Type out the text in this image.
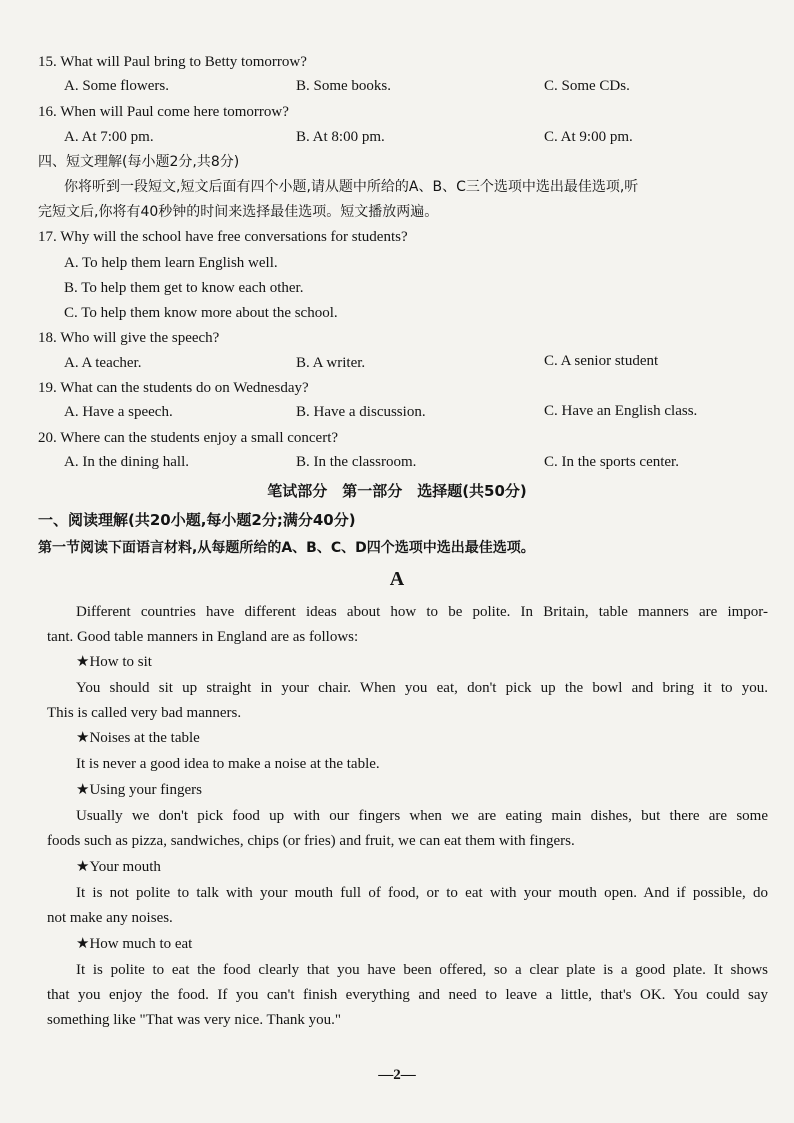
15. What will Paul bring to Betty tomorrow?
A. Some flowers.	B. Some books.	C. Some CDs.
16. When will Paul come here tomorrow?
A. At 7:00 pm.	B. At 8:00 pm.	C. At 9:00 pm.
四、短文理解(每小题2分,共8分)
你将听到一段短文,短文后面有四个小题,请从题中所给的A、B、C三个选项中选出最佳选项,听
完短文后,你将有40秒钟的时间来选择最佳选项。短文播放两遍。
17. Why will the school have free conversations for students?
A. To help them learn English well.
B. To help them get to know each other.
C. To help them know more about the school.
18. Who will give the speech?
A. A teacher.	B. A writer.	C. A senior student
19. What can the students do on Wednesday?
A. Have a speech.	B. Have a discussion.	C. Have an English class.
20. Where can the students enjoy a small concert?
A. In the dining hall.	B. In the classroom.	C. In the sports center.
笔试部分　第一部分　选择题(共50分)
一、阅读理解(共20小题,每小题2分;满分40分)
第一节阅读下面语言材料,从每题所给的A、B、C、D四个选项中选出最佳选项。
A
Different countries have different ideas about how to be polite. In Britain, table manners are impor-
tant. Good table manners in England are as follows:
★ How to sit
You should sit up straight in your chair. When you eat, don't pick up the bowl and bring it to you.
This is called very bad manners.
★ Noises at the table
It is never a good idea to make a noise at the table.
★ Using your fingers
Usually we don't pick food up with our fingers when we are eating main dishes, but there are some
foods such as pizza, sandwiches, chips (or fries) and fruit, we can eat them with fingers.
★ Your mouth
It is not polite to talk with your mouth full of food, or to eat with your mouth open. And if possible, do
not make any noises.
★ How much to eat
It is polite to eat the food clearly that you have been offered, so a clear plate is a good plate. It shows
that you enjoy the food. If you can't finish everything and need to leave a little, that's OK. You could say
something like "That was very nice. Thank you."
—2—
